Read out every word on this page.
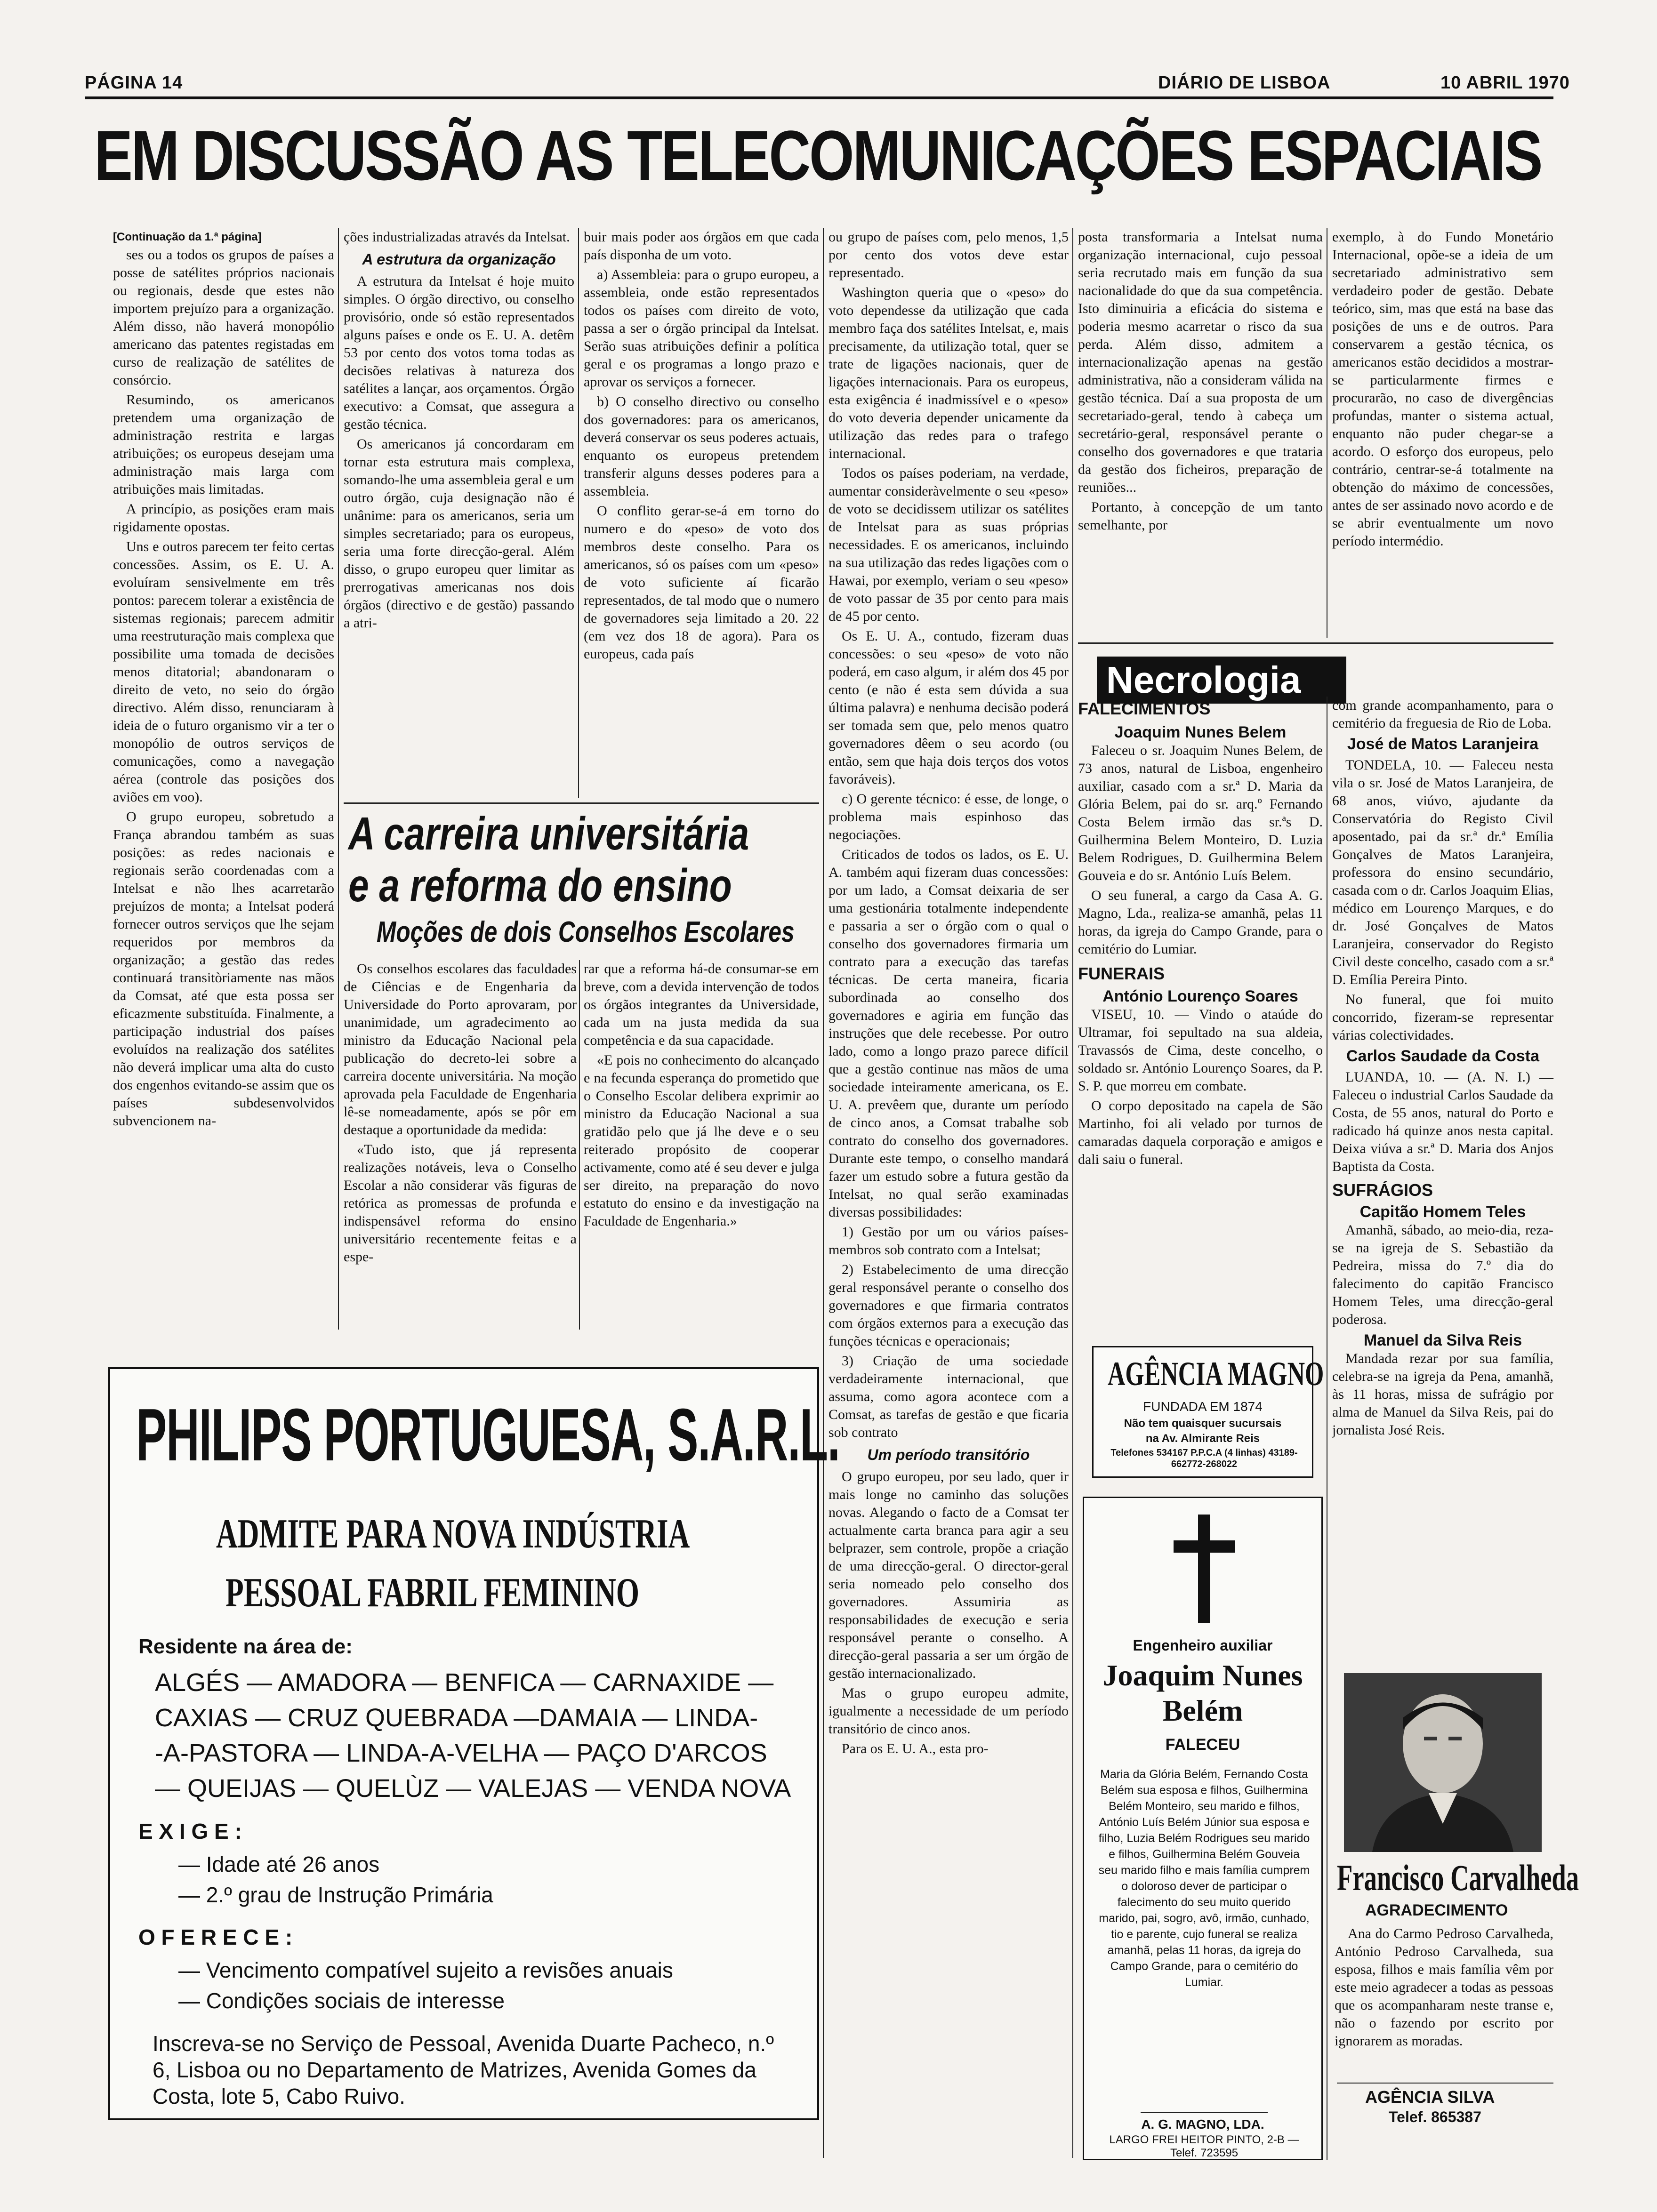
PÁGINA 14	DIÁRIO DE LISBOA	10 ABRIL 1970
EM DISCUSSÃO AS TELECOMUNICAÇÕES ESPACIAIS
[Continuação da 1.ª página]

ses ou a todos os grupos de países a posse de satélites próprios nacionais ou regionais, desde que estes não importem prejuízo para a organização. Além disso, não haverá monopólio americano das patentes registadas em curso de realização de satélites de consórcio.

Resumindo, os americanos pretendem uma organização de administração restrita e largas atribuições; os europeus desejam uma administração mais larga com atribuições mais limitadas.

A princípio, as posições eram mais rigidamente opostas.

Uns e outros parecem ter feito certas concessões. Assim, os E. U. A. evoluíram sensivelmente em três pontos: parecem tolerar a existência de sistemas regionais; parecem admitir uma reestruturação mais complexa que possibilite uma tomada de decisões menos ditatorial; abandonaram o direito de veto, no seio do órgão directivo. Além disso, renunciaram à ideia de o futuro organismo vir a ter o monopólio de outros serviços de comunicações, como a navegação aérea (controle das posições dos aviões em voo).

O grupo europeu, sobretudo a França abrandou também as suas posições: as redes nacionais e regionais serão coordenadas com a Intelsat e não lhes acarretarão prejuízos de monta; a Intelsat poderá fornecer outros serviços que lhe sejam requeridos por membros da organização; a gestão das redes continuará transitòriamente nas mãos da Comsat, até que esta possa ser eficazmente substituída. Finalmente, a participação industrial dos países evoluídos na realização dos satélites não deverá implicar uma alta do custo dos engenhos evitando-se assim que os países subdesenvolvidos subvencionem na-

ções industrializadas através da Intelsat.

A estrutura da organização

A estrutura da Intelsat é hoje muito simples. O órgão directivo, ou conselho provisório, onde só estão representados alguns países e onde os E. U. A. detêm 53 por cento dos votos toma todas as decisões relativas à natureza dos satélites a lançar, aos orçamentos. Órgão executivo: a Comsat, que assegura a gestão técnica.

Os americanos já concordaram em tornar esta estrutura mais complexa, somando-lhe uma assembleia geral e um outro órgão, cuja designação não é unânime: para os americanos, seria um simples secretariado; para os europeus, seria uma forte direcção-geral. Além disso, o grupo europeu quer limitar as prerrogativas americanas nos dois órgãos (directivo e de gestão) passando a atri-

buir mais poder aos órgãos em que cada país disponha de um voto.

a) Assembleia: para o grupo europeu, a assembleia, onde estão representados todos os países com direito de voto, passa a ser o órgão principal da Intelsat. Serão suas atribuições definir a política geral e os programas a longo prazo e aprovar os serviços a fornecer.

b) O conselho directivo ou conselho dos governadores: para os americanos, deverá conservar os seus poderes actuais, enquanto os europeus pretendem transferir alguns desses poderes para a assembleia.

O conflito gerar-se-á em torno do numero e do «peso» de voto dos membros deste conselho. Para os americanos, só os países com um «peso» de voto suficiente aí ficarão representados, de tal modo que o numero de governadores seja limitado a 20. 22 (em vez dos 18 de agora). Para os europeus, cada país

ou grupo de países com, pelo menos, 1,5 por cento dos votos deve estar representado.

Washington queria que o «peso» do voto dependesse da utilização que cada membro faça dos satélites Intelsat, e, mais precisamente, da utilização total, quer se trate de ligações nacionais, quer de ligações internacionais. Para os europeus, esta exigência é inadmissível e o «peso» do voto deveria depender unicamente da utilização das redes para o trafego internacional.

Todos os países poderiam, na verdade, aumentar consideràvelmente o seu «peso» de voto se decidissem utilizar os satélites de Intelsat para as suas próprias necessidades. E os americanos, incluindo na sua utilização das redes ligações com o Hawai, por exemplo, veriam o seu «peso» de voto passar de 35 por cento para mais de 45 por cento.

Os E. U. A., contudo, fizeram duas concessões: o seu «peso» de voto não poderá, em caso algum, ir além dos 45 por cento (e não é esta sem dúvida a sua última palavra) e nenhuma decisão poderá ser tomada sem que, pelo menos quatro governadores dêem o seu acordo (ou então, sem que haja dois terços dos votos favoráveis).

c) O gerente técnico: é esse, de longe, o problema mais espinhoso das negociações.

Criticados de todos os lados, os E. U. A. também aqui fizeram duas concessões: por um lado, a Comsat deixaria de ser uma gestionária totalmente independente e passaria a ser o órgão com o qual o conselho dos governadores firmaria um contrato para a execução das tarefas técnicas. De certa maneira, ficaria subordinada ao conselho dos governadores e agiria em função das instruções que dele recebesse. Por outro lado, como a longo prazo parece difícil que a gestão continue nas mãos de uma sociedade inteiramente americana, os E. U. A. prevêem que, durante um período de cinco anos, a Comsat trabalhe sob contrato do conselho dos governadores. Durante este tempo, o conselho mandará fazer um estudo sobre a futura gestão da Intelsat, no qual serão examinadas diversas possibilidades:

1) Gestão por um ou vários países-membros sob contrato com a Intelsat;

2) Estabelecimento de uma direcção geral responsável perante o conselho dos governadores e que firmaria contratos com órgãos externos para a execução das funções técnicas e operacionais;

3) Criação de uma sociedade verdadeiramente internacional, que assuma, como agora acontece com a Comsat, as tarefas de gestão e que ficaria sob contrato

Um período transitório

O grupo europeu, por seu lado, quer ir mais longe no caminho das soluções novas. Alegando o facto de a Comsat ter actualmente carta branca para agir a seu belprazer, sem controle, propõe a criação de uma direcção-geral. O director-geral seria nomeado pelo conselho dos governadores. Assumiria as responsabilidades de execução e seria responsável perante o conselho. A direcção-geral passaria a ser um órgão de gestão internacionalizado.

Mas o grupo europeu admite, igualmente a necessidade de um período transitório de cinco anos.

Para os E. U. A., esta pro-

posta transformaria a Intelsat numa organização internacional, cujo pessoal seria recrutado mais em função da sua nacionalidade do que da sua competência. Isto diminuiria a eficácia do sistema e poderia mesmo acarretar o risco da sua perda. Além disso, admitem a internacionalização apenas na gestão administrativa, não a consideram válida na gestão técnica. Daí a sua proposta de um secretariado-geral, tendo à cabeça um secretário-geral, responsável perante o conselho dos governadores e que trataria da gestão dos ficheiros, preparação de reuniões...

Portanto, à concepção de um tanto semelhante, por

exemplo, à do Fundo Monetário Internacional, opõe-se a ideia de um secretariado administrativo sem verdadeiro poder de gestão. Debate teórico, sim, mas que está na base das posições de uns e de outros. Para conservarem a gestão técnica, os americanos estão decididos a mostrar-se particularmente firmes e procurarão, no caso de divergências profundas, manter o sistema actual, enquanto não puder chegar-se a acordo. O esforço dos europeus, pelo contrário, centrar-se-á totalmente na obtenção do máximo de concessões, antes de ser assinado novo acordo e de se abrir eventualmente um novo período intermédio.

A carreira universitária
e a reforma do ensino
Moções de dois Conselhos Escolares

Os conselhos escolares das faculdades de Ciências e de Engenharia da Universidade do Porto aprovaram, por unanimidade, um agradecimento ao ministro da Educação Nacional pela publicação do decreto-lei sobre a carreira docente universitária. Na moção aprovada pela Faculdade de Engenharia lê-se nomeadamente, após se pôr em destaque a oportunidade da medida:

«Tudo isto, que já representa realizações notáveis, leva o Conselho Escolar a não considerar vãs figuras de retórica as promessas de profunda e indispensável reforma do ensino universitário recentemente feitas e a espe-

rar que a reforma há-de consumar-se em breve, com a devida intervenção de todos os órgãos integrantes da Universidade, cada um na justa medida da sua competência e da sua capacidade.

«E pois no conhecimento do alcançado e na fecunda esperança do prometido que o Conselho Escolar delibera exprimir ao ministro da Educação Nacional a sua gratidão pelo que já lhe deve e o seu reiterado propósito de cooperar activamente, como até é seu dever e julga ser direito, na preparação do novo estatuto do ensino e da investigação na Faculdade de Engenharia.»

PHILIPS PORTUGUESA, S.A.R.L.
ADMITE PARA NOVA INDÚSTRIA
PESSOAL FABRIL FEMININO
Residente na área de:
ALGÉS — AMADORA — BENFICA — CARNAXIDE —
CAXIAS — CRUZ QUEBRADA —DAMAIA — LINDA-
-A-PASTORA — LINDA-A-VELHA — PAÇO D'ARCOS
— QUEIJAS — QUELÙZ — VALEJAS — VENDA NOVA
E X I G E :
— Idade até 26 anos
— 2.º grau de Instrução Primária
O F E R E C E :
— Vencimento compatível sujeito a revisões anuais
— Condições sociais de interesse
Inscreva-se no Serviço de Pessoal, Avenida Duarte Pacheco, n.º 6, Lisboa ou no Departamento de Matrizes, Avenida Gomes da Costa, lote 5, Cabo Ruivo.
Necrologia
FALECIMENTOS
Joaquim Nunes Belem

Faleceu o sr. Joaquim Nunes Belem, de 73 anos, natural de Lisboa, engenheiro auxiliar, casado com a sr.ª D. Maria da Glória Belem, pai do sr. arq.º Fernando Costa Belem irmão das sr.ªs D. Guilhermina Belem Monteiro, D. Luzia Belem Rodrigues, D. Guilhermina Belem Gouveia e do sr. António Luís Belem.

O seu funeral, a cargo da Casa A. G. Magno, Lda., realiza-se amanhã, pelas 11 horas, da igreja do Campo Grande, para o cemitério do Lumiar.

FUNERAIS
António Lourenço Soares

VISEU, 10. — Vindo o ataúde do Ultramar, foi sepultado na sua aldeia, Travassós de Cima, deste concelho, o soldado sr. António Lourenço Soares, da P. S. P. que morreu em combate.

O corpo depositado na capela de São Martinho, foi ali velado por turnos de camaradas daquela corporação e amigos e dali saiu o funeral.

AGÊNCIA MAGNO
FUNDADA EM 1874
Não tem quaisquer sucursais
na Av. Almirante Reis
Telefones 534167 P.P.C.A (4 linhas) 43189-662772-268022
Engenheiro auxiliar
Joaquim Nunes
Belém
FALECEU
Maria da Glória Belém, Fernando Costa Belém sua esposa e filhos, Guilhermina Belém Monteiro, seu marido e filhos, António Luís Belém Júnior sua esposa e filho, Luzia Belém Rodrigues seu marido e filhos, Guilhermina Belém Gouveia seu marido filho e mais família cumprem o doloroso dever de participar o falecimento do seu muito querido marido, pai, sogro, avô, irmão, cunhado, tio e parente, cujo funeral se realiza amanhã, pelas 11 horas, da igreja do Campo Grande, para o cemitério do Lumiar.
A. G. MAGNO, LDA.
LARGO FREI HEITOR PINTO, 2-B — Telef. 723595

com grande acompanhamento, para o cemitério da freguesia de Rio de Loba.

José de Matos Laranjeira

TONDELA, 10. — Faleceu nesta vila o sr. José de Matos Laranjeira, de 68 anos, viúvo, ajudante da Conservatória do Registo Civil aposentado, pai da sr.ª dr.ª Emília Gonçalves de Matos Laranjeira, professora do ensino secundário, casada com o dr. Carlos Joaquim Elias, médico em Lourenço Marques, e do dr. José Gonçalves de Matos Laranjeira, conservador do Registo Civil deste concelho, casado com a sr.ª D. Emília Pereira Pinto.

No funeral, que foi muito concorrido, fizeram-se representar várias colectividades.

Carlos Saudade da Costa

LUANDA, 10. — (A. N. I.) — Faleceu o industrial Carlos Saudade da Costa, de 55 anos, natural do Porto e radicado há quinze anos nesta capital. Deixa viúva a sr.ª D. Maria dos Anjos Baptista da Costa.

SUFRÁGIOS
Capitão Homem Teles

Amanhã, sábado, ao meio-dia, reza-se na igreja de S. Sebastião da Pedreira, missa do 7.º dia do falecimento do capitão Francisco Homem Teles, uma direcção-geral poderosa.

Manuel da Silva Reis

Mandada rezar por sua família, celebra-se na igreja da Pena, amanhã, às 11 horas, missa de sufrágio por alma de Manuel da Silva Reis, pai do jornalista José Reis.

Francisco Carvalheda
AGRADECIMENTO

Ana do Carmo Pedroso Carvalheda, António Pedroso Carvalheda, sua esposa, filhos e mais família vêm por este meio agradecer a todas as pessoas que os acompanharam neste transe e, não o fazendo por escrito por ignorarem as moradas.

AGÊNCIA SILVA
Telef. 865387
